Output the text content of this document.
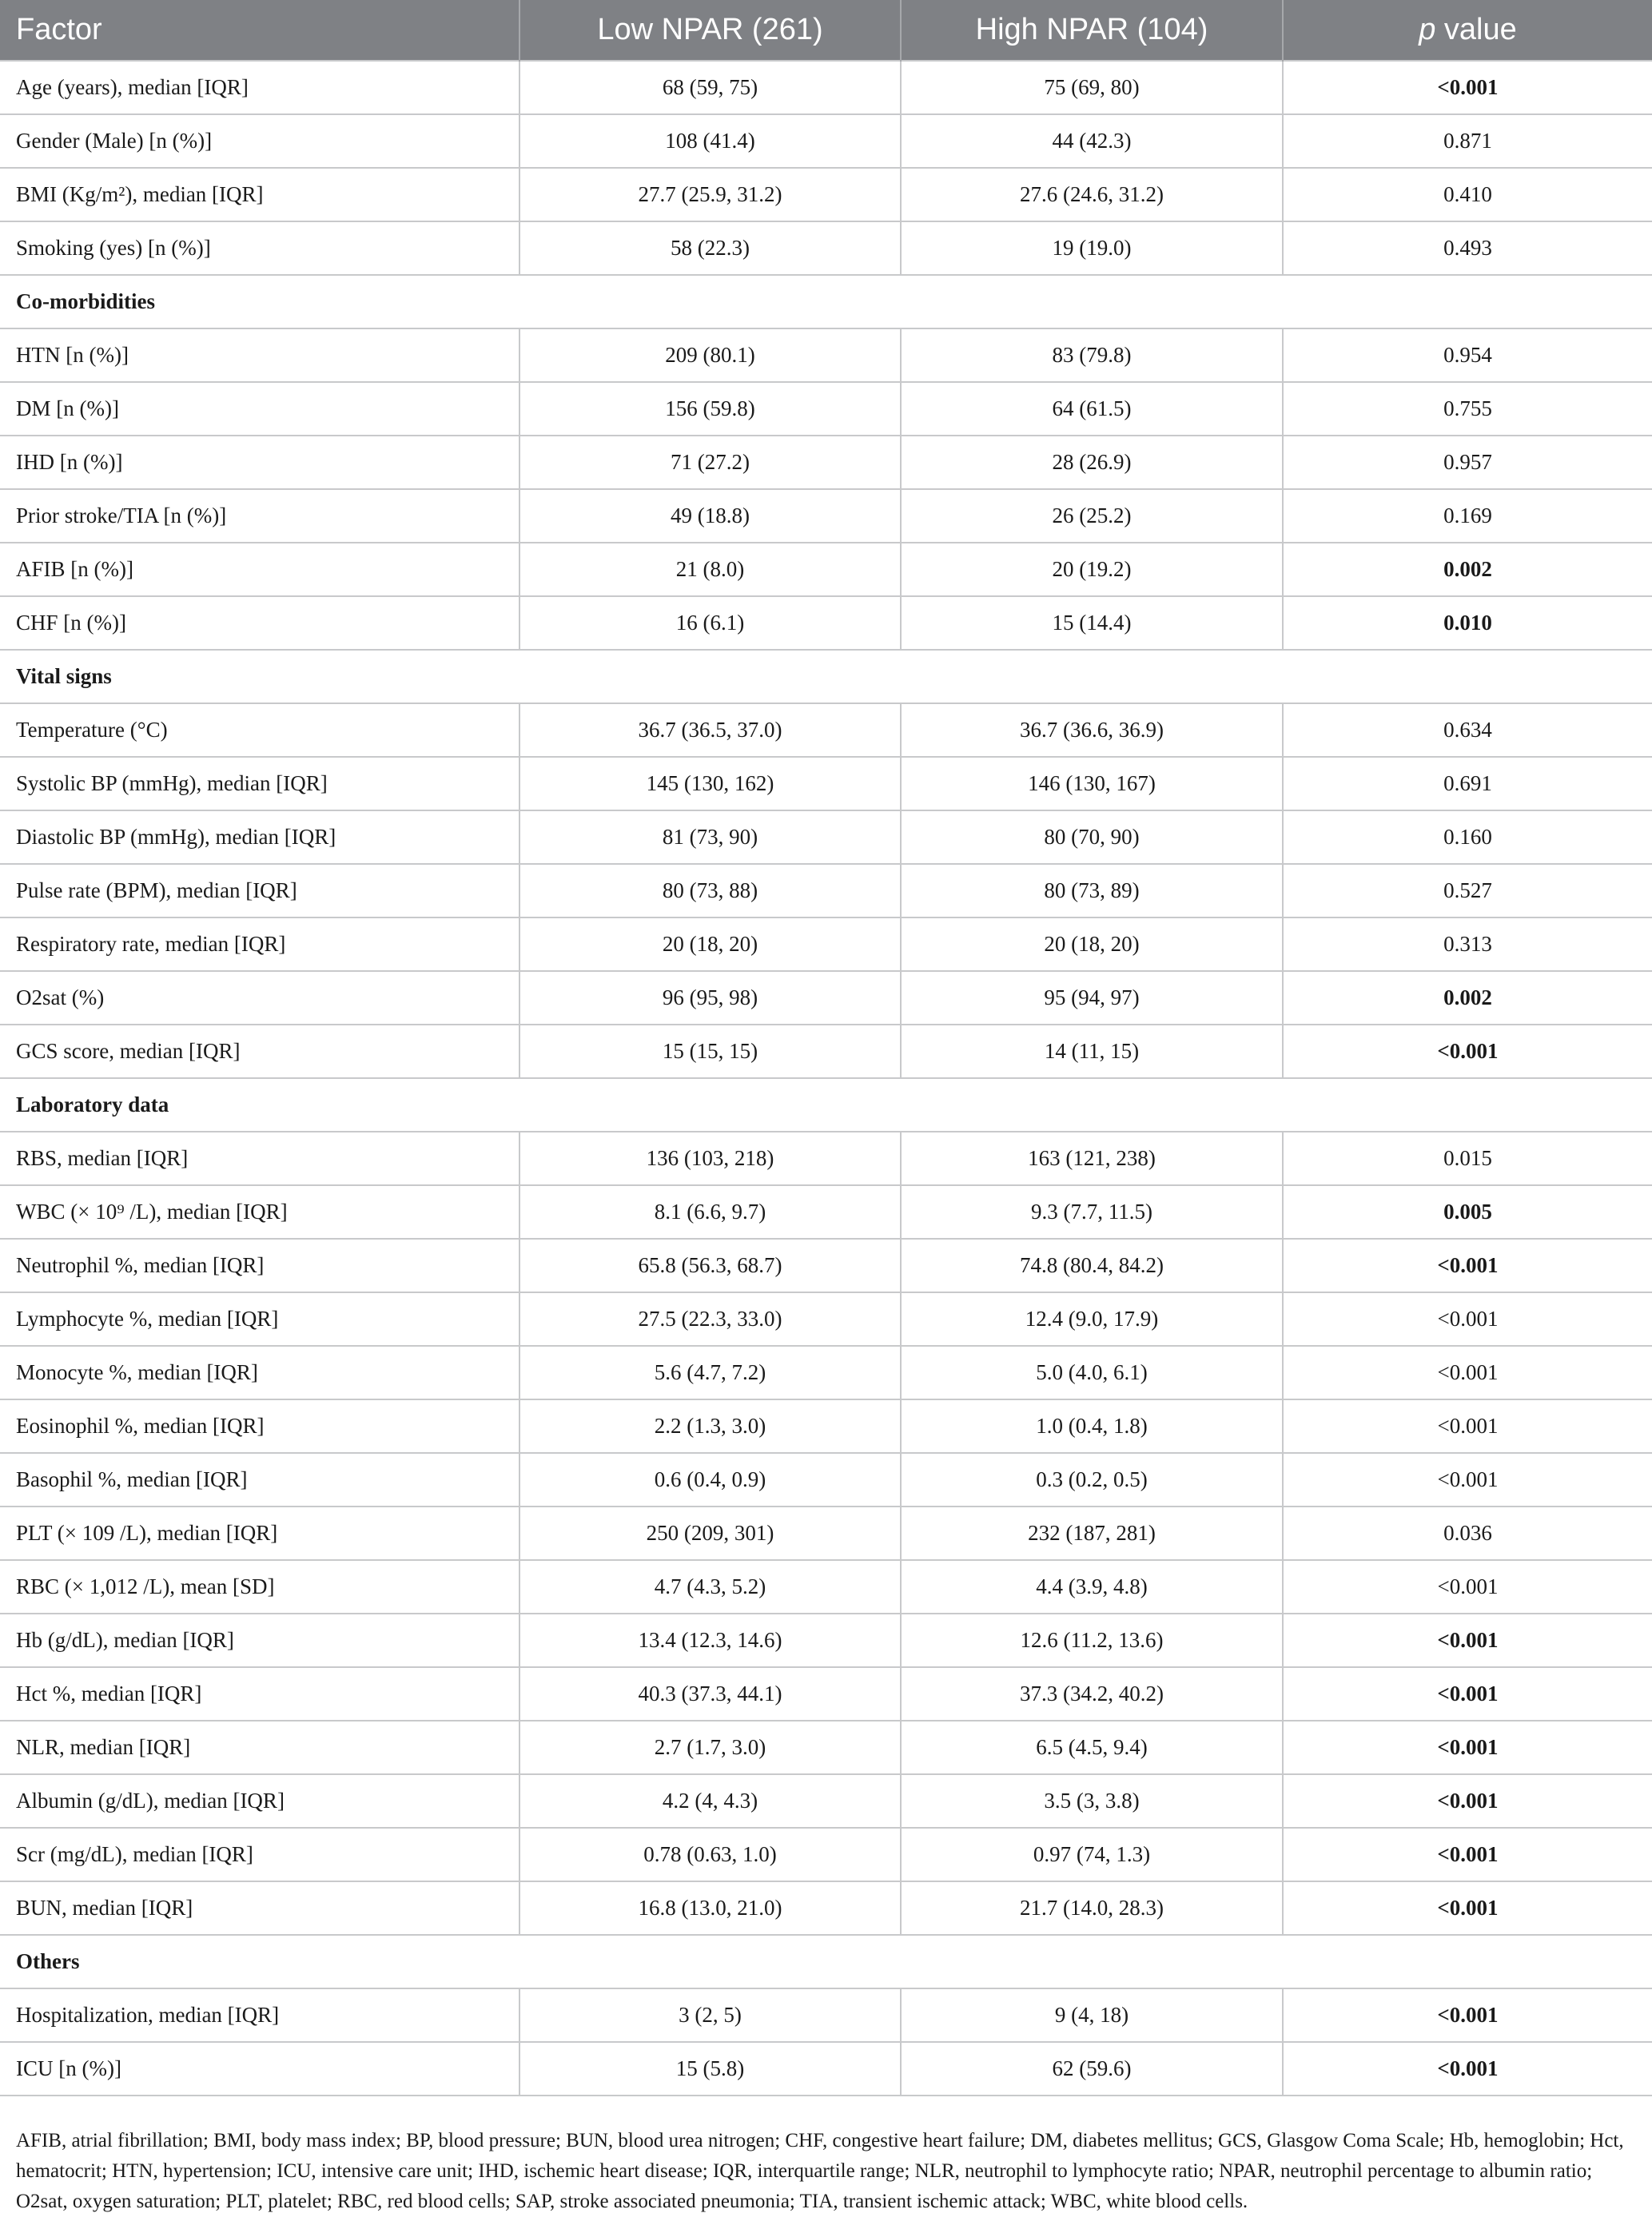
Factor	Low NPAR (261)	High NPAR (104)	p value
Age (years), median [IQR]	68 (59, 75)	75 (69, 80)	<0.001
Gender (Male) [n (%)]	108 (41.4)	44 (42.3)	0.871
BMI (Kg/m²), median [IQR]	27.7 (25.9, 31.2)	27.6 (24.6, 31.2)	0.410
Smoking (yes) [n (%)]	58 (22.3)	19 (19.0)	0.493
Co-morbidities			
HTN [n (%)]	209 (80.1)	83 (79.8)	0.954
DM [n (%)]	156 (59.8)	64 (61.5)	0.755
IHD [n (%)]	71 (27.2)	28 (26.9)	0.957
Prior stroke/TIA [n (%)]	49 (18.8)	26 (25.2)	0.169
AFIB [n (%)]	21 (8.0)	20 (19.2)	0.002
CHF [n (%)]	16 (6.1)	15 (14.4)	0.010
Vital signs			
Temperature (°C)	36.7 (36.5, 37.0)	36.7 (36.6, 36.9)	0.634
Systolic BP (mmHg), median [IQR]	145 (130, 162)	146 (130, 167)	0.691
Diastolic BP (mmHg), median [IQR]	81 (73, 90)	80 (70, 90)	0.160
Pulse rate (BPM), median [IQR]	80 (73, 88)	80 (73, 89)	0.527
Respiratory rate, median [IQR]	20 (18, 20)	20 (18, 20)	0.313
O2sat (%)	96 (95, 98)	95 (94, 97)	0.002
GCS score, median [IQR]	15 (15, 15)	14 (11, 15)	<0.001
Laboratory data			
RBS, median [IQR]	136 (103, 218)	163 (121, 238)	0.015
WBC (× 10⁹ /L), median [IQR]	8.1 (6.6, 9.7)	9.3 (7.7, 11.5)	0.005
Neutrophil %, median [IQR]	65.8 (56.3, 68.7)	74.8 (80.4, 84.2)	<0.001
Lymphocyte %, median [IQR]	27.5 (22.3, 33.0)	12.4 (9.0, 17.9)	<0.001
Monocyte %, median [IQR]	5.6 (4.7, 7.2)	5.0 (4.0, 6.1)	<0.001
Eosinophil %, median [IQR]	2.2 (1.3, 3.0)	1.0 (0.4, 1.8)	<0.001
Basophil %, median [IQR]	0.6 (0.4, 0.9)	0.3 (0.2, 0.5)	<0.001
PLT (× 109 /L), median [IQR]	250 (209, 301)	232 (187, 281)	0.036
RBC (× 1,012 /L), mean [SD]	4.7 (4.3, 5.2)	4.4 (3.9, 4.8)	<0.001
Hb (g/dL), median [IQR]	13.4 (12.3, 14.6)	12.6 (11.2, 13.6)	<0.001
Hct %, median [IQR]	40.3 (37.3, 44.1)	37.3 (34.2, 40.2)	<0.001
NLR, median [IQR]	2.7 (1.7, 3.0)	6.5 (4.5, 9.4)	<0.001
Albumin (g/dL), median [IQR]	4.2 (4, 4.3)	3.5 (3, 3.8)	<0.001
Scr (mg/dL), median [IQR]	0.78 (0.63, 1.0)	0.97 (74, 1.3)	<0.001
BUN, median [IQR]	16.8 (13.0, 21.0)	21.7 (14.0, 28.3)	<0.001
Others			
Hospitalization, median [IQR]	3 (2, 5)	9 (4, 18)	<0.001
ICU [n (%)]	15 (5.8)	62 (59.6)	<0.001
AFIB, atrial fibrillation; BMI, body mass index; BP, blood pressure; BUN, blood urea nitrogen; CHF, congestive heart failure; DM, diabetes mellitus; GCS, Glasgow Coma Scale; Hb, hemoglobin; Hct, hematocrit; HTN, hypertension; ICU, intensive care unit; IHD, ischemic heart disease; IQR, interquartile range; NLR, neutrophil to lymphocyte ratio; NPAR, neutrophil percentage to albumin ratio; O2sat, oxygen saturation; PLT, platelet; RBC, red blood cells; SAP, stroke associated pneumonia; TIA, transient ischemic attack; WBC, white blood cells.
